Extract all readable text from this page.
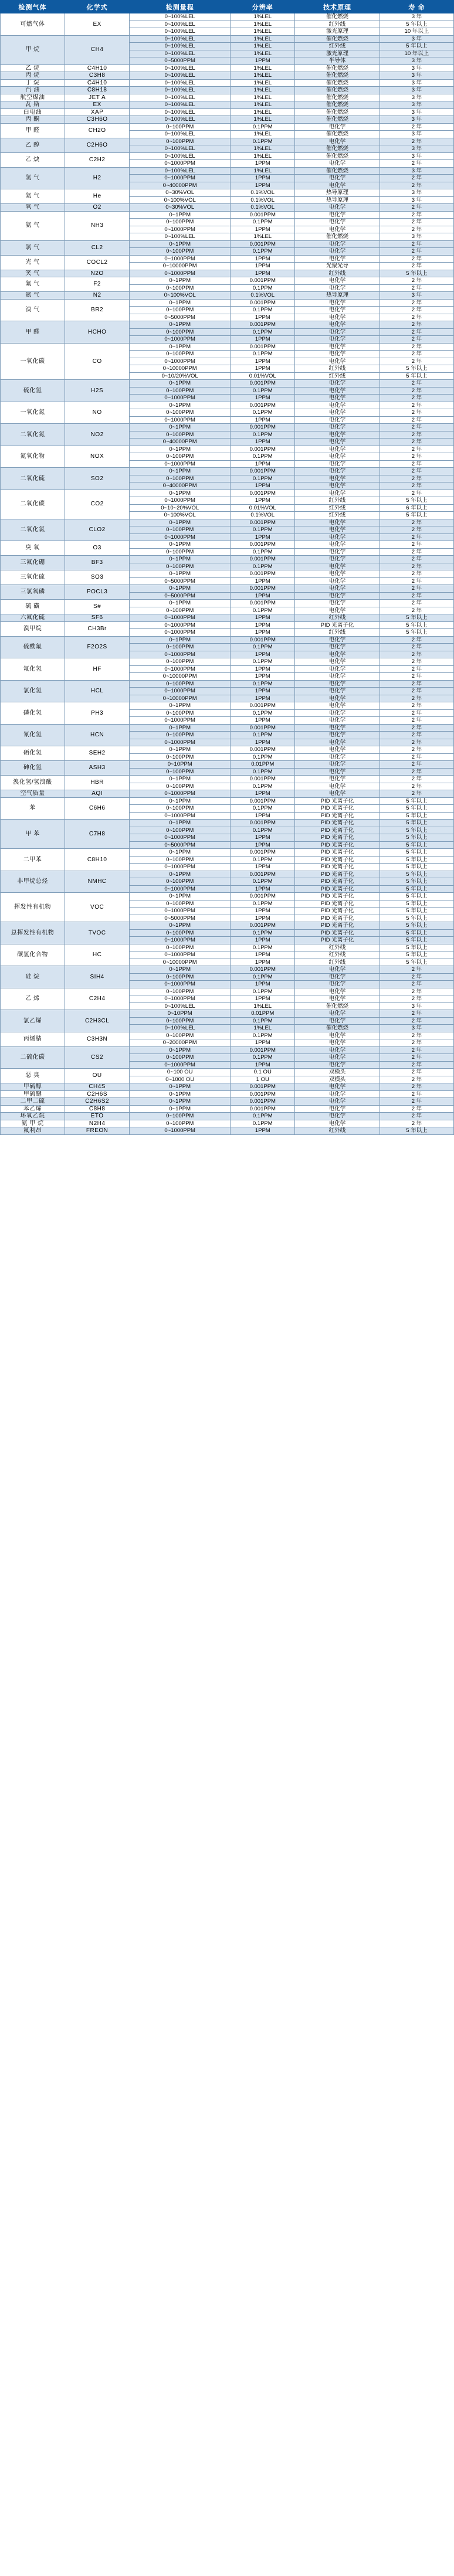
检测气体	化学式	检测量程	分辨率	技术原理	寿 命
可燃气体	EX	0~100%LEL	1%LEL	催化燃烧	3 年
		0~100%LEL	1%LEL	红外线	5 年以上
		0~100%LEL	1%LEL	激光原理	10 年以上
甲 烷	CH4	0~100%LEL	1%LEL	催化燃烧	3 年
		0~100%LEL	1%LEL	红外线	5 年以上
		0~100%LEL	1%LEL	激光原理	10 年以上
		0~5000PPM	1PPM	半导体	3 年
乙 烷	C4H10	0~100%LEL	1%LEL	催化燃烧	3 年
丙 烷	C3H8	0~100%LEL	1%LEL	催化燃烧	3 年
丁 烷	C4H10	0~100%LEL	1%LEL	催化燃烧	3 年
汽 油	C8H18	0~100%LEL	1%LEL	催化燃烧	3 年
航空煤油	JET A	0~100%LEL	1%LEL	催化燃烧	3 年
瓦 斯	EX	0~100%LEL	1%LEL	催化燃烧	3 年
白电油	XAP	0~100%LEL	1%LEL	催化燃烧	3 年
丙 酮	C3H6O	0~100%LEL	1%LEL	催化燃烧	3 年
甲 醛	CH2O	0~100PPM	0.1PPM	电化学	2 年
		0~100%LEL	1%LEL	催化燃烧	3 年
乙 醇	C2H6O	0~100PPM	0.1PPM	电化学	2 年
		0~100%LEL	1%LEL	催化燃烧	3 年
乙 炔	C2H2	0~100%LEL	1%LEL	催化燃烧	3 年
		0~1000PPM	1PPM	电化学	2 年
氢 气	H2	0~100%LEL	1%LEL	催化燃烧	3 年
		0~1000PPM	1PPM	电化学	2 年
		0~40000PPM	1PPM	电化学	2 年
氦 气	He	0~30%VOL	0.1%VOL	热导原理	3 年
		0~100%VOL	0.1%VOL	热导原理	3 年
氧 气	O2	0~30%VOL	0.1%VOL	电化学	2 年
氨 气	NH3	0~1PPM	0.001PPM	电化学	2 年
		0~100PPM	0.1PPM	电化学	2 年
		0~1000PPM	1PPM	电化学	2 年
		0~100%LEL	1%LEL	催化燃烧	3 年
氯 气	CL2	0~1PPM	0.001PPM	电化学	2 年
		0~100PPM	0.1PPM	电化学	2 年
光 气	COCL2	0~1000PPM	1PPM	电化学	2 年
		0~10000PPM	1PPM	光聚光导	2 年
笑 气	N2O	0~1000PPM	1PPM	红外线	5 年以上
氟 气	F2	0~1PPM	0.001PPM	电化学	2 年
		0~100PPM	0.1PPM	电化学	2 年
氮 气	N2	0~100%VOL	0.1%VOL	热导原理	3 年
溴 气	BR2	0~1PPM	0.001PPM	电化学	2 年
		0~100PPM	0.1PPM	电化学	2 年
		0~5000PPM	1PPM	电化学	2 年
甲 醛	HCHO	0~1PPM	0.001PPM	电化学	2 年
		0~100PPM	0.1PPM	电化学	2 年
		0~1000PPM	1PPM	电化学	2 年
一氧化碳	CO	0~1PPM	0.001PPM	电化学	2 年
		0~100PPM	0.1PPM	电化学	2 年
		0~1000PPM	1PPM	电化学	2 年
		0~10000PPM	1PPM	红外线	5 年以上
		0~10/20%VOL	0.01%VOL	红外线	5 年以上
硫化氢	H2S	0~1PPM	0.001PPM	电化学	2 年
		0~100PPM	0.1PPM	电化学	2 年
		0~1000PPM	1PPM	电化学	2 年
一氧化氮	NO	0~1PPM	0.001PPM	电化学	2 年
		0~100PPM	0.1PPM	电化学	2 年
		0~1000PPM	1PPM	电化学	2 年
二氧化氮	NO2	0~1PPM	0.001PPM	电化学	2 年
		0~100PPM	0.1PPM	电化学	2 年
		0~40000PPM	1PPM	电化学	2 年
氮氧化物	NOX	0~1PPM	0.001PPM	电化学	2 年
		0~100PPM	0.1PPM	电化学	2 年
		0~1000PPM	1PPM	电化学	2 年
二氧化硫	SO2	0~1PPM	0.001PPM	电化学	2 年
		0~100PPM	0.1PPM	电化学	2 年
		0~40000PPM	1PPM	电化学	2 年
二氧化碳	CO2	0~1PPM	0.001PPM	电化学	2 年
		0~1000PPM	1PPM	红外线	5 年以上
		0~10~20%VOL	0.01%VOL	红外线	6 年以上
		0~100%VOL	0.1%VOL	红外线	5 年以上
二氧化氯	CLO2	0~1PPM	0.001PPM	电化学	2 年
		0~100PPM	0.1PPM	电化学	2 年
		0~1000PPM	1PPM	电化学	2 年
臭 氧	O3	0~1PPM	0.001PPM	电化学	2 年
		0~100PPM	0.1PPM	电化学	2 年
三氟化硼	BF3	0~1PPM	0.001PPM	电化学	2 年
		0~100PPM	0.1PPM	电化学	2 年
三氧化硫	SO3	0~1PPM	0.001PPM	电化学	2 年
		0~5000PPM	1PPM	电化学	2 年
三氯氧磷	POCL3	0~1PPM	0.001PPM	电化学	2 年
		0~5000PPM	1PPM	电化学	2 年
硫 磺	S#	0~1PPM	0.001PPM	电化学	2 年
		0~100PPM	0.1PPM	电化学	2 年
六氟化硫	SF6	0~1000PPM	1PPM	红外线	5 年以上
溴甲烷	CH3Br	0~1000PPM	1PPM	PID 光离子化	5 年以上
		0~1000PPM	1PPM	红外线	5 年以上
硫酰氟	F2O2S	0~1PPM	0.001PPM	电化学	2 年
		0~100PPM	0.1PPM	电化学	2 年
		0~1000PPM	1PPM	电化学	2 年
氟化氢	HF	0~100PPM	0.1PPM	电化学	2 年
		0~1000PPM	1PPM	电化学	2 年
		0~10000PPM	1PPM	电化学	2 年
氯化氢	HCL	0~100PPM	0.1PPM	电化学	2 年
		0~1000PPM	1PPM	电化学	2 年
		0~10000PPM	1PPM	电化学	2 年
磷化氢	PH3	0~1PPM	0.001PPM	电化学	2 年
		0~100PPM	0.1PPM	电化学	2 年
		0~1000PPM	1PPM	电化学	2 年
氰化氢	HCN	0~1PPM	0.001PPM	电化学	2 年
		0~100PPM	0.1PPM	电化学	2 年
		0~1000PPM	1PPM	电化学	2 年
硒化氢	SEH2	0~1PPM	0.001PPM	电化学	2 年
		0~100PPM	0.1PPM	电化学	2 年
砷化氢	ASH3	0~10PPM	0.01PPM	电化学	2 年
		0~100PPM	0.1PPM	电化学	2 年
溴化氢/氢溴酸	HBR	0~1PPM	0.001PPM	电化学	2 年
		0~100PPM	0.1PPM	电化学	2 年
空气质量	AQI	0~1000PPM	1PPM	电化学	2 年
苯	C6H6	0~1PPM	0.001PPM	PID 光离子化	5 年以上
		0~100PPM	0.1PPM	PID 光离子化	5 年以上
		0~1000PPM	1PPM	PID 光离子化	5 年以上
甲 苯	C7H8	0~1PPM	0.001PPM	PID 光离子化	5 年以上
		0~100PPM	0.1PPM	PID 光离子化	5 年以上
		0~1000PPM	1PPM	PID 光离子化	5 年以上
		0~5000PPM	1PPM	PID 光离子化	5 年以上
二甲苯	C8H10	0~1PPM	0.001PPM	PID 光离子化	5 年以上
		0~100PPM	0.1PPM	PID 光离子化	5 年以上
		0~1000PPM	1PPM	PID 光离子化	5 年以上
非甲烷总烃	NMHC	0~1PPM	0.001PPM	PID 光离子化	5 年以上
		0~100PPM	0.1PPM	PID 光离子化	5 年以上
		0~1000PPM	1PPM	PID 光离子化	5 年以上
挥发性有机物	VOC	0~1PPM	0.001PPM	PID 光离子化	5 年以上
		0~100PPM	0.1PPM	PID 光离子化	5 年以上
		0~1000PPM	1PPM	PID 光离子化	5 年以上
		0~5000PPM	1PPM	PID 光离子化	5 年以上
总挥发性有机物	TVOC	0~1PPM	0.001PPM	PID 光离子化	5 年以上
		0~100PPM	0.1PPM	PID 光离子化	5 年以上
		0~1000PPM	1PPM	PID 光离子化	5 年以上
碳氢化合物	HC	0~100PPM	0.1PPM	红外线	5 年以上
		0~1000PPM	1PPM	红外线	5 年以上
		0~10000PPM	1PPM	红外线	5 年以上
硅 烷	SIH4	0~1PPM	0.001PPM	电化学	2 年
		0~100PPM	0.1PPM	电化学	2 年
		0~1000PPM	1PPM	电化学	2 年
乙 烯	C2H4	0~100PPM	0.1PPM	电化学	2 年
		0~1000PPM	1PPM	电化学	2 年
		0~100%LEL	1%LEL	催化燃烧	3 年
氯乙烯	C2H3CL	0~10PPM	0.01PPM	电化学	2 年
		0~100PPM	0.1PPM	电化学	2 年
		0~100%LEL	1%LEL	催化燃烧	3 年
丙烯腈	C3H3N	0~100PPM	0.1PPM	电化学	2 年
		0~20000PPM	1PPM	电化学	2 年
二硫化碳	CS2	0~1PPM	0.001PPM	电化学	2 年
		0~100PPM	0.1PPM	电化学	2 年
		0~1000PPM	1PPM	电化学	2 年
恶 臭	OU	0~100 OU	0.1 OU	双模头	2 年
		0~1000 OU	1 OU	双模头	2 年
甲硫醇	CH4S	0~1PPM	0.001PPM	电化学	2 年
甲硫醚	C2H6S	0~1PPM	0.001PPM	电化学	2 年
二甲二硫	C2H6S2	0~1PPM	0.001PPM	电化学	2 年
苯乙烯	C8H8	0~1PPM	0.001PPM	电化学	2 年
环氧乙烷	ETO	0~100PPM	0.1PPM	电化学	2 年
氨 甲 烷	N2H4	0~100PPM	0.1PPM	电化学	2 年
氟利昂	FREON	0~1000PPM	1PPM	红外线	5 年以上
